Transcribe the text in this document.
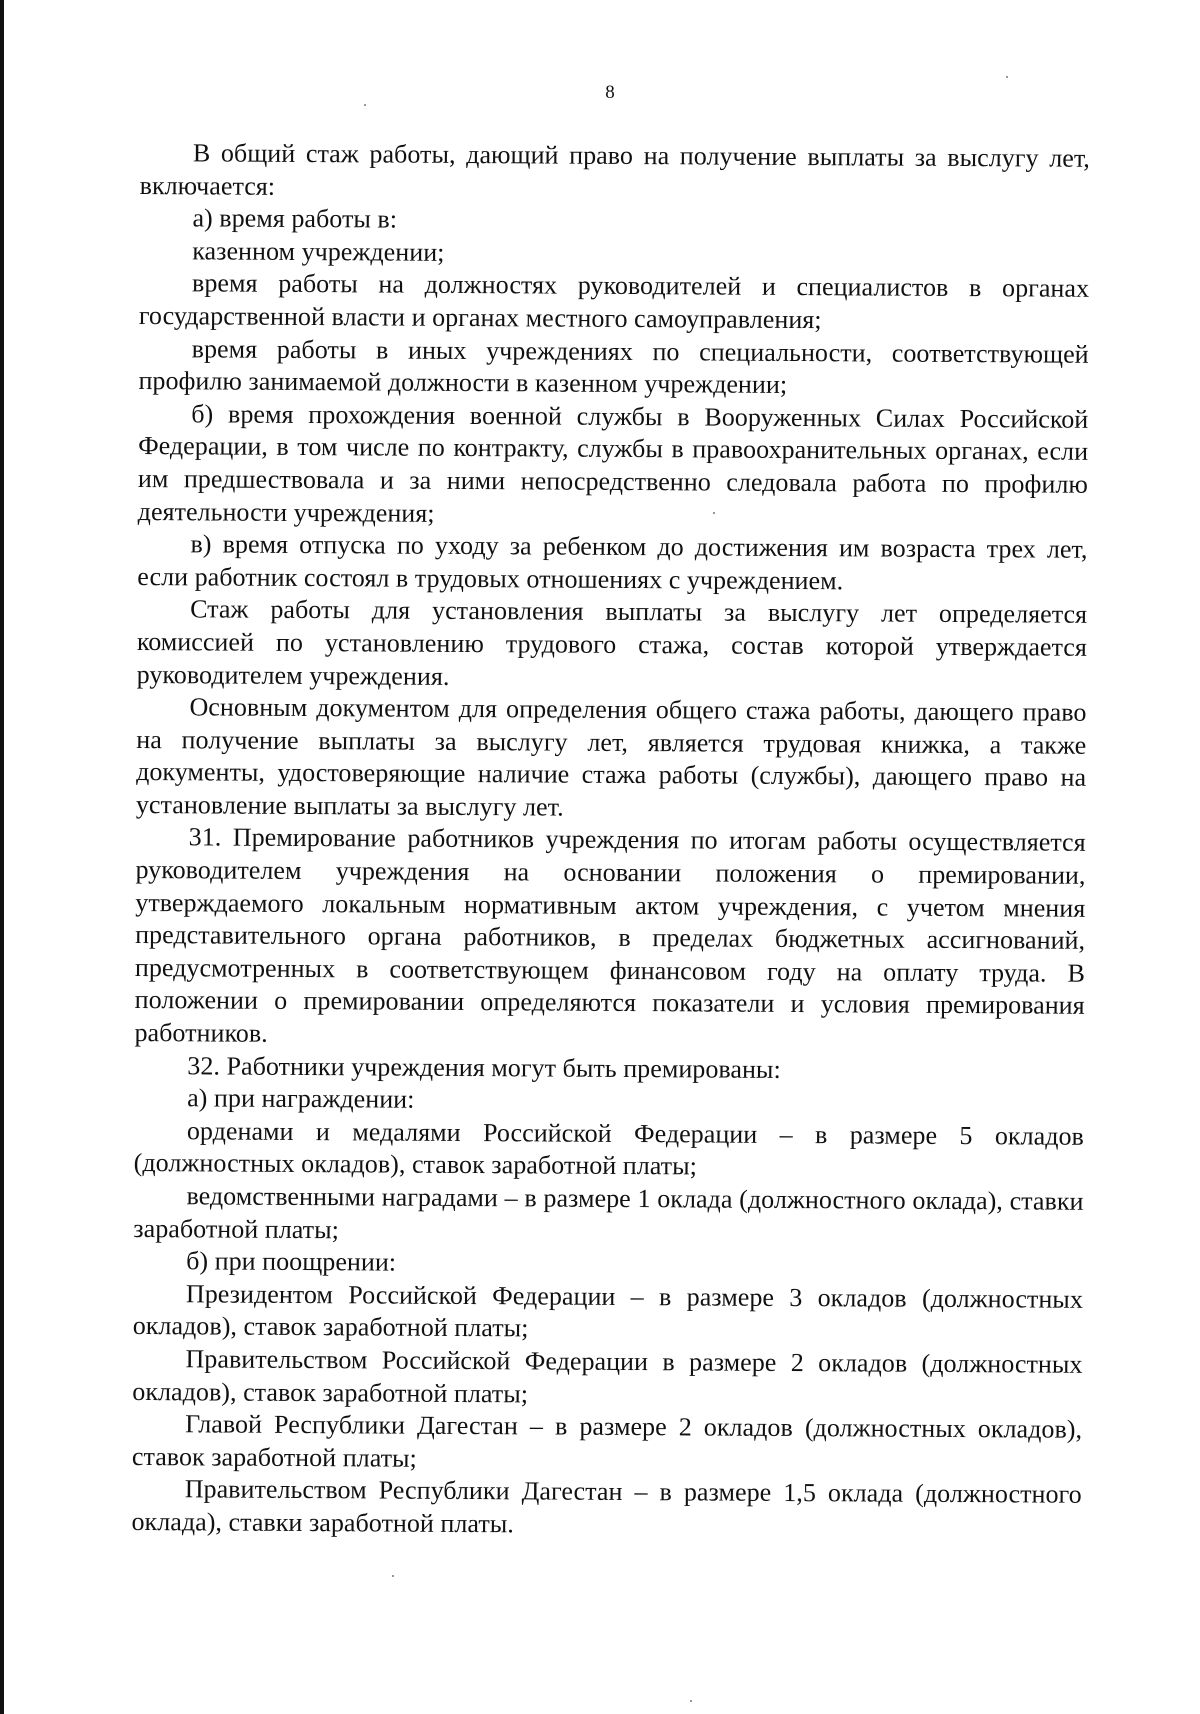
8

В общий стаж работы, дающий право на получение выплаты за выслугу лет, включается:

а) время работы в:

казенном учреждении;

время работы на должностях руководителей и специалистов в органах государственной власти и органах местного самоуправления;

время работы в иных учреждениях по специальности, соответствующей профилю занимаемой должности в казенном учреждении;

б) время прохождения военной службы в Вооруженных Силах Российской Федерации, в том числе по контракту, службы в правоохранительных органах, если им предшествовала и за ними непосредственно следовала работа по профилю деятельности учреждения;

в) время отпуска по уходу за ребенком до достижения им возраста трех лет, если работник состоял в трудовых отношениях с учреждением.

Стаж работы для установления выплаты за выслугу лет определяется комиссией по установлению трудового стажа, состав которой утверждается руководителем учреждения.

Основным документом для определения общего стажа работы, дающего право на получение выплаты за выслугу лет, является трудовая книжка, а также документы, удостоверяющие наличие стажа работы (службы), дающего право на установление выплаты за выслугу лет.

31. Премирование работников учреждения по итогам работы осуществляется руководителем учреждения на основании положения о премировании, утверждаемого локальным нормативным актом учреждения, с учетом мнения представительного органа работников, в пределах бюджетных ассигнований, предусмотренных в соответствующем финансовом году на оплату труда. В положении о премировании определяются показатели и условия премирования работников.

32. Работники учреждения могут быть премированы:

а) при награждении:

орденами и медалями Российской Федерации – в размере 5 окладов (должностных окладов), ставок заработной платы;

ведомственными наградами – в размере 1 оклада (должностного оклада), ставки заработной платы;

б) при поощрении:

Президентом Российской Федерации – в размере 3 окладов (должностных окладов), ставок заработной платы;

Правительством Российской Федерации в размере 2 окладов (должностных окладов), ставок заработной платы;

Главой Республики Дагестан – в размере 2 окладов (должностных окладов), ставок заработной платы;

Правительством Республики Дагестан – в размере 1,5 оклада (должностного оклада), ставки заработной платы.
